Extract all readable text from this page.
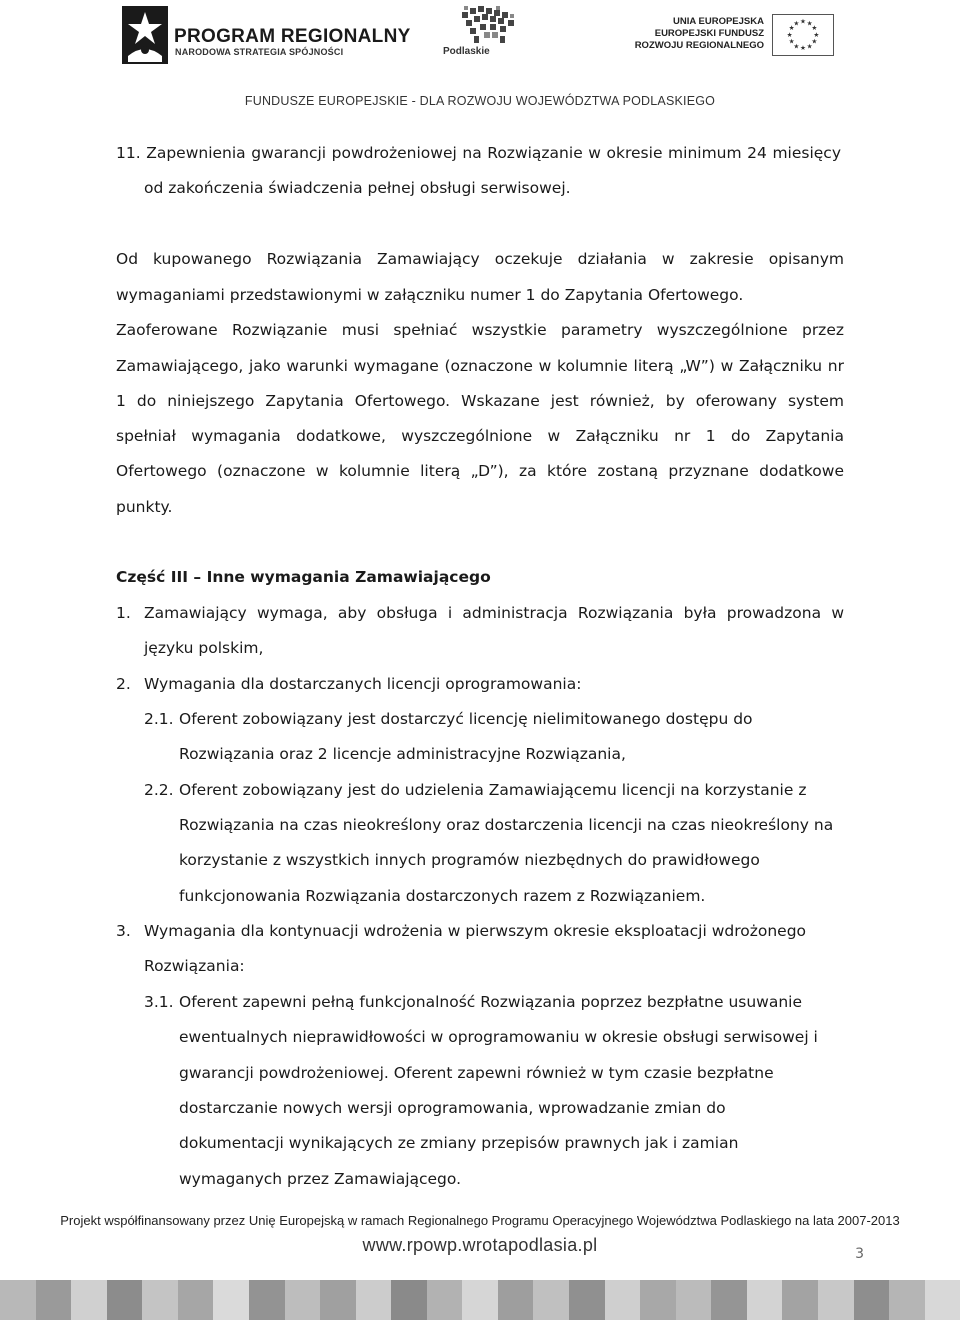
PROGRAM REGIONALNY
NARODOWA STRATEGIA SPÓJNOŚCI	Podlaskie
UNIA EUROPEJSKA
EUROPEJSKI FUNDUSZ
ROZWOJU REGIONALNEGO
★ ★
★
★
★
★
★
★
★
★
★
★
FUNDUSZE EUROPEJSKIE - DLA ROZWOJU WOJEWÓDZTWA PODLASKIEGO
11. Zapewnienia gwarancji powdrożeniowej na Rozwiązanie w okresie minimum 24 miesięcy
od zakończenia świadczenia pełnej obsługi serwisowej.
Od kupowanego Rozwiązania Zamawiający oczekuje działania w zakresie opisanym
wymaganiami przedstawionymi w załączniku numer 1 do Zapytania Ofertowego.
Zaoferowane Rozwiązanie musi spełniać wszystkie parametry wyszczególnione przez
Zamawiającego, jako warunki wymagane (oznaczone w kolumnie literą „W”) w Załączniku nr
1 do niniejszego Zapytania Ofertowego. Wskazane jest również, by oferowany system
spełniał wymagania dodatkowe, wyszczególnione w Załączniku nr 1 do Zapytania
Ofertowego (oznaczone w kolumnie literą „D”), za które zostaną przyznane dodatkowe
punkty.
Część III – Inne wymagania Zamawiającego
1. Zamawiający wymaga, aby obsługa i administracja Rozwiązania była prowadzona w
języku polskim,
2. Wymagania dla dostarczanych licencji oprogramowania:
2.1. Oferent zobowiązany jest dostarczyć licencję nielimitowanego dostępu do
Rozwiązania oraz 2 licencje administracyjne Rozwiązania,
2.2. Oferent zobowiązany jest do udzielenia Zamawiającemu licencji na korzystanie z
Rozwiązania na czas nieokreślony oraz dostarczenia licencji na czas nieokreślony na
korzystanie z wszystkich innych programów niezbędnych do prawidłowego
funkcjonowania Rozwiązania dostarczonych razem z Rozwiązaniem.
3. Wymagania dla kontynuacji wdrożenia w pierwszym okresie eksploatacji wdrożonego
Rozwiązania:
3.1. Oferent zapewni pełną funkcjonalność Rozwiązania poprzez bezpłatne usuwanie
ewentualnych nieprawidłowości w oprogramowaniu w okresie obsługi serwisowej i
gwarancji powdrożeniowej. Oferent zapewni również w tym czasie bezpłatne
dostarczanie nowych wersji oprogramowania, wprowadzanie zmian do
dokumentacji wynikających ze zmiany przepisów prawnych jak i zamian
wymaganych przez Zamawiającego.
Projekt współfinansowany przez Unię Europejską w ramach Regionalnego Programu Operacyjnego Województwa Podlaskiego na lata 2007-2013
www.rpowp.wrotapodlasia.pl	3
